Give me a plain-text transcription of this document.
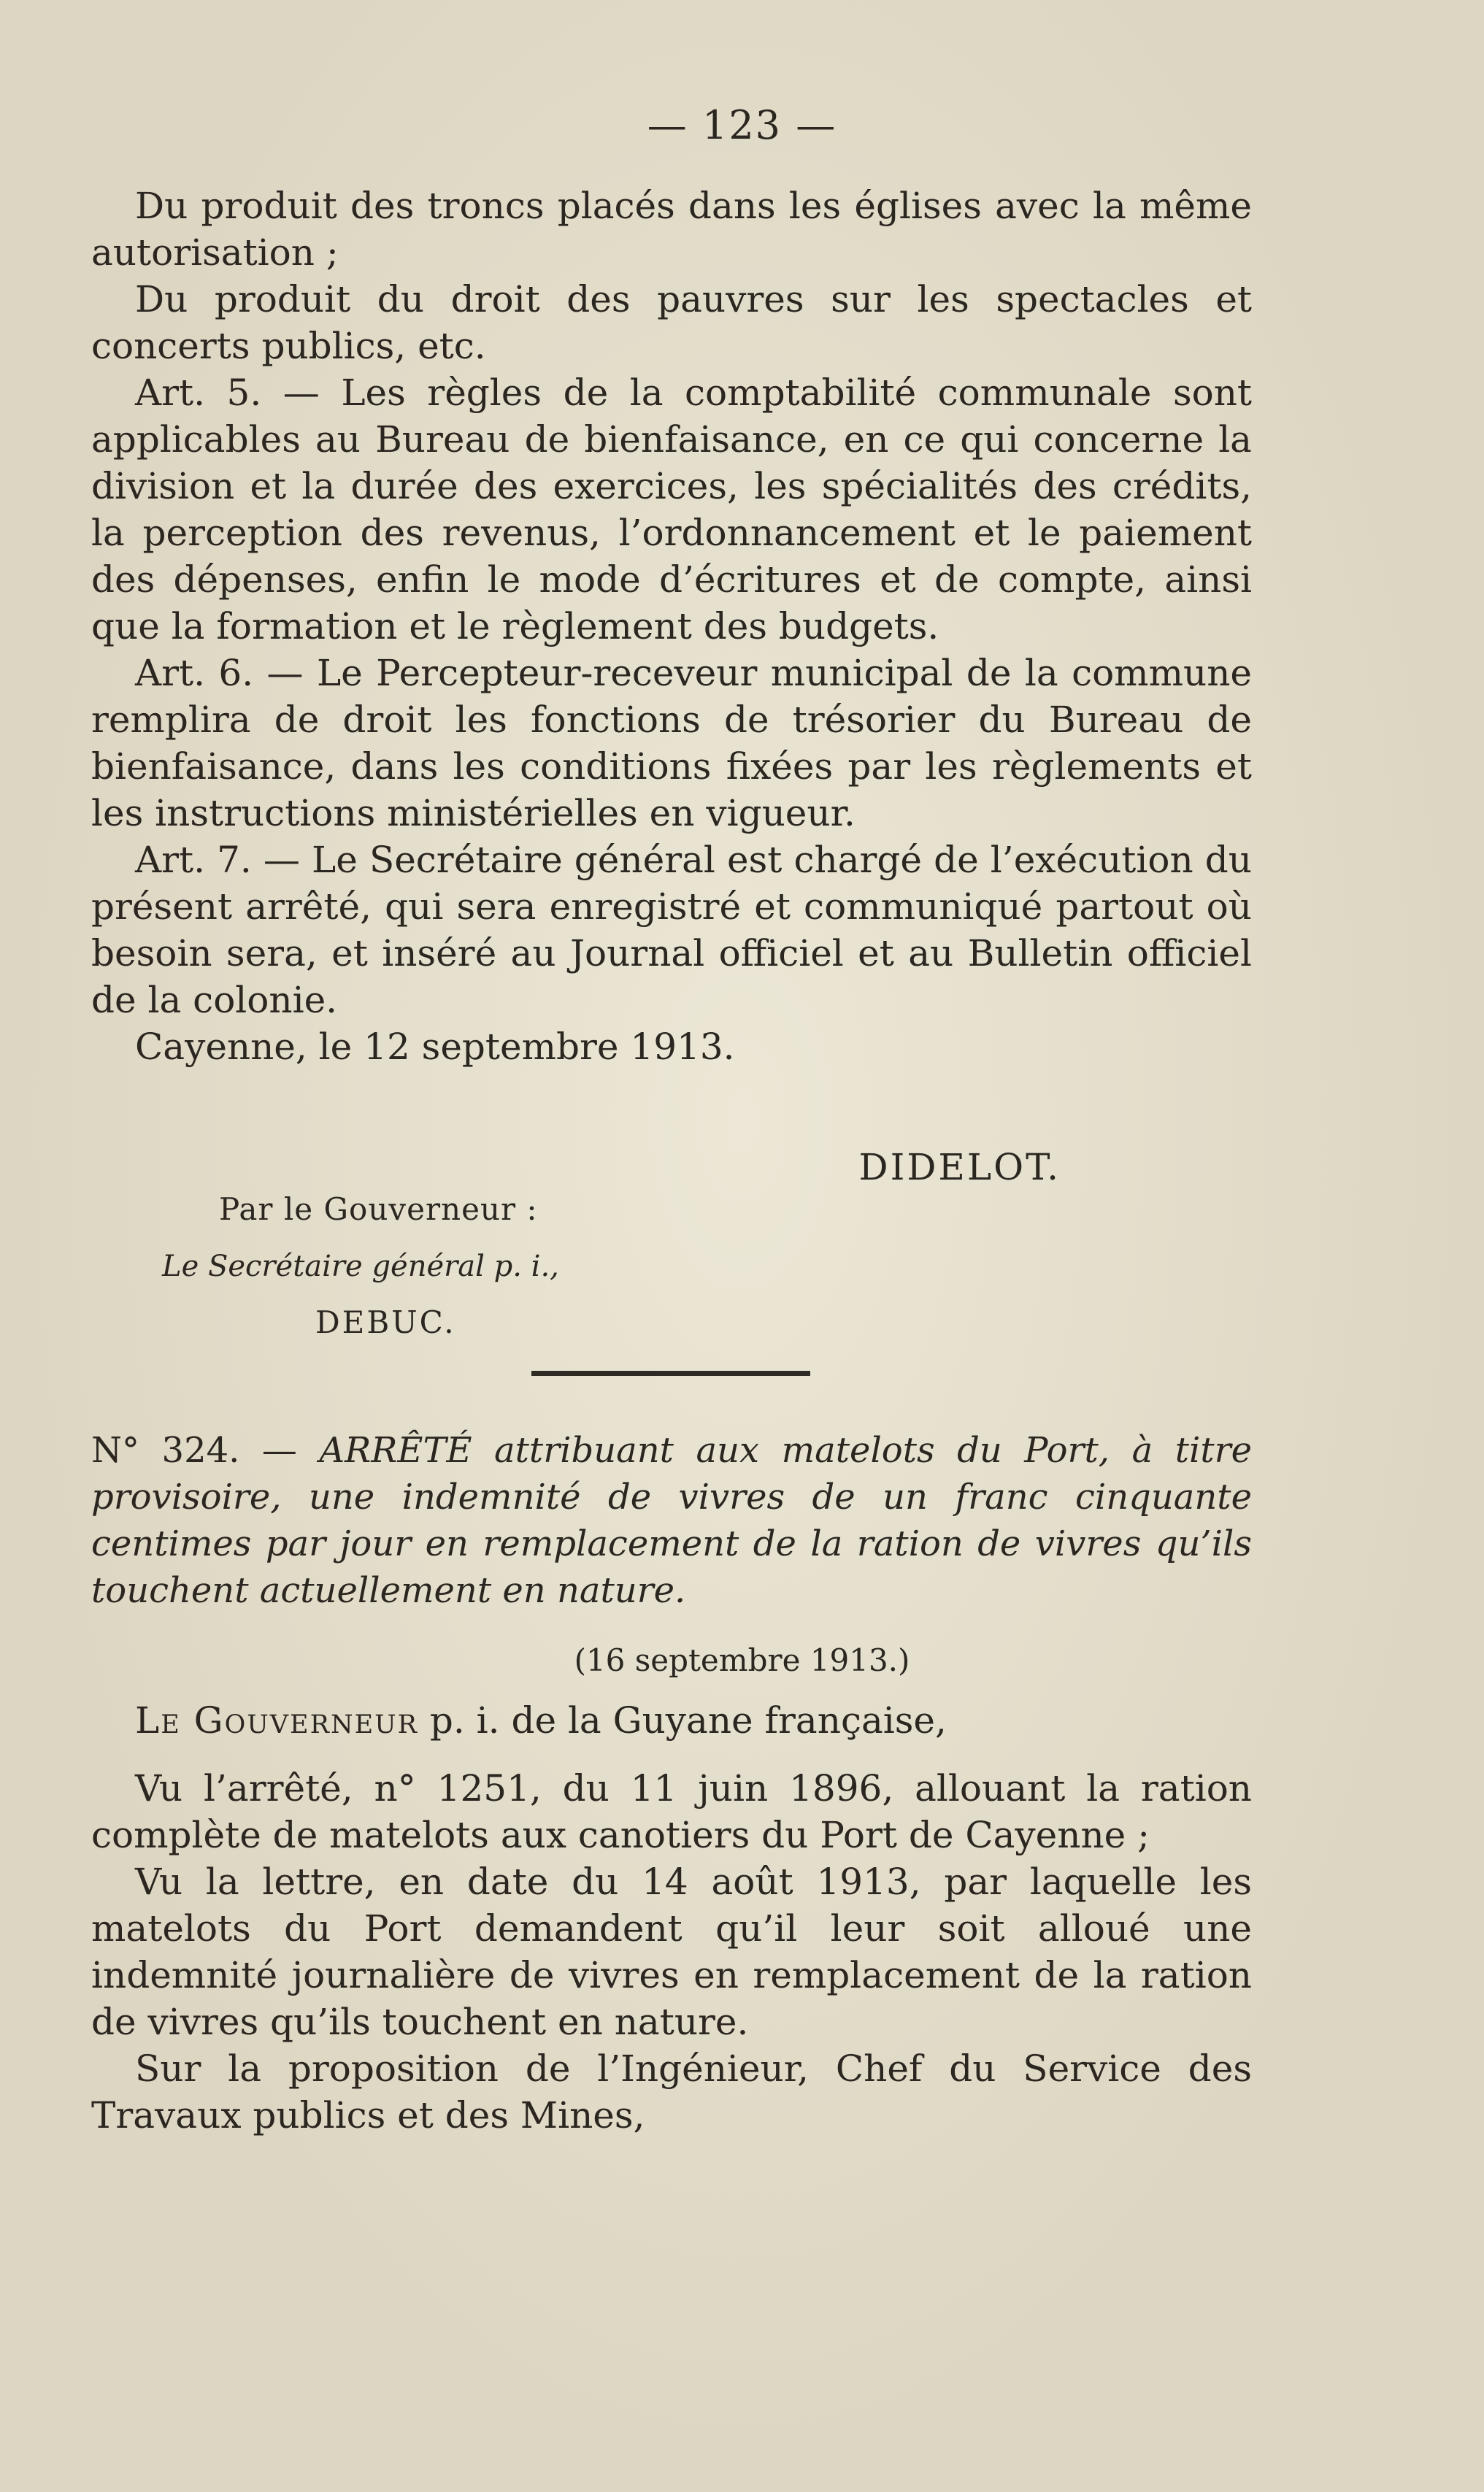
— 123 —

Du produit des troncs placés dans les églises avec la même autorisation ;

Du produit du droit des pauvres sur les spectacles et concerts publics, etc.

Art. 5. — Les règles de la comptabilité communale sont applicables au Bureau de bienfaisance, en ce qui concerne la division et la durée des exercices, les spécialités des crédits, la perception des revenus, l’ordonnancement et le paiement des dépenses, enfin le mode d’écritures et de compte, ainsi que la formation et le règlement des budgets.

Art. 6. — Le Percepteur-receveur municipal de la commune remplira de droit les fonctions de trésorier du Bureau de bienfaisance, dans les conditions fixées par les règlements et les instructions ministérielles en vigueur.

Art. 7. — Le Secrétaire général est chargé de l’exécution du présent arrêté, qui sera enregistré et communiqué partout où besoin sera, et inséré au Journal officiel et au Bulletin officiel de la colonie.

Cayenne, le 12 septembre 1913.

DIDELOT.
Par le Gouverneur :
Le Secrétaire général p. i.,
DEBUC.
N° 324. — ARRÊTÉ attribuant aux matelots du Port, à titre provisoire, une indemnité de vivres de un franc cinquante centimes par jour en remplacement de la ration de vivres qu’ils touchent actuellement en nature.
(16 septembre 1913.)
Le Gouverneur p. i. de la Guyane française,

Vu l’arrêté, n° 1251, du 11 juin 1896, allouant la ration complète de matelots aux canotiers du Port de Cayenne ;

Vu la lettre, en date du 14 août 1913, par laquelle les matelots du Port demandent qu’il leur soit alloué une indemnité journalière de vivres en remplacement de la ration de vivres qu’ils touchent en nature.

Sur la proposition de l’Ingénieur, Chef du Service des Travaux publics et des Mines,
